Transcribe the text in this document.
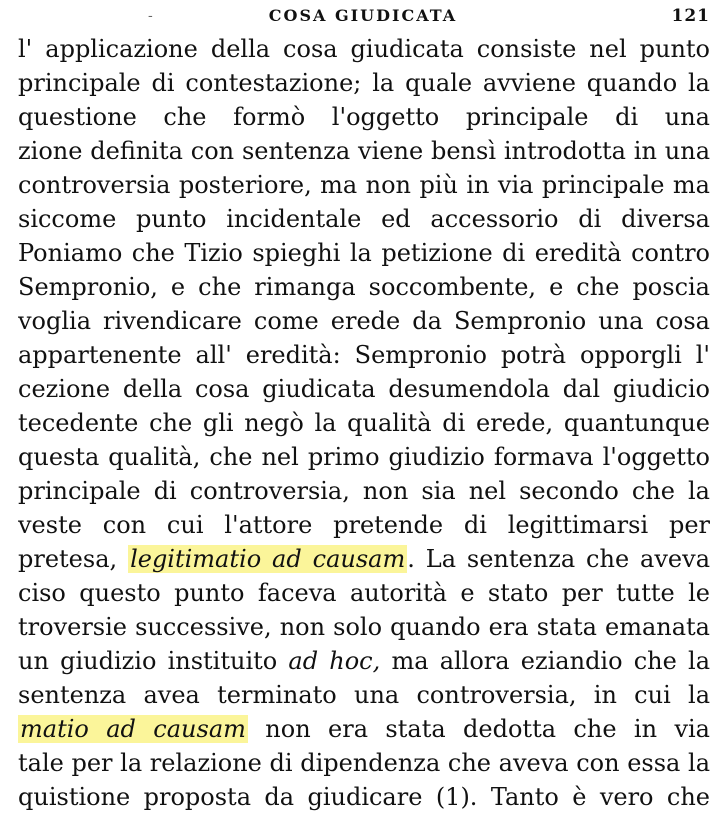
-	COSA GIUDICATA	121
l' applicazione della cosa giudicata consiste nel punto
principale di contestazione; la quale avviene quando la
questione che formò l'oggetto principale di una
zione definita con sentenza viene bensì introdotta in una
controversia posteriore, ma non più in via principale ma
siccome punto incidentale ed accessorio di diversa
Poniamo che Tizio spieghi la petizione di eredità contro
Sempronio, e che rimanga soccombente, e che poscia
voglia rivendicare come erede da Sempronio una cosa
appartenente all' eredità: Sempronio potrà opporgli l'
cezione della cosa giudicata desumendola dal giudicio
tecedente che gli negò la qualità di erede, quantunque
questa qualità, che nel primo giudizio formava l'oggetto
principale di controversia, non sia nel secondo che la
veste con cui l'attore pretende di legittimarsi per
pretesa, legitimatio ad causam. La sentenza che aveva
ciso questo punto faceva autorità e stato per tutte le
troversie successive, non solo quando era stata emanata
un giudizio instituito ad hoc, ma allora eziandio che la
sentenza avea terminato una controversia, in cui la
matio ad causam non era stata dedotta che in via
tale per la relazione di dipendenza che aveva con essa la
quistione proposta da giudicare (1). Tanto è vero che
